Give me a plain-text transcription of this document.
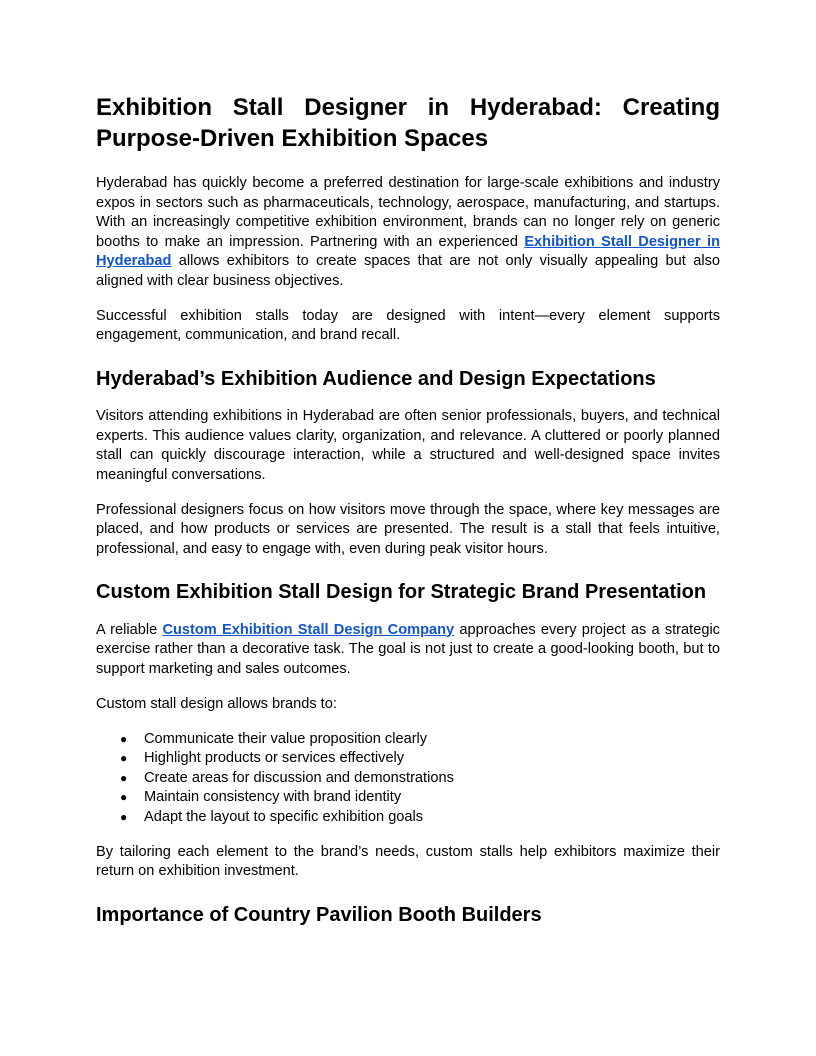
Exhibition Stall Designer in Hyderabad: Creating Purpose-Driven Exhibition Spaces

Hyderabad has quickly become a preferred destination for large-scale exhibitions and industry expos in sectors such as pharmaceuticals, technology, aerospace, manufacturing, and startups. With an increasingly competitive exhibition environment, brands can no longer rely on generic booths to make an impression. Partnering with an experienced Exhibition Stall Designer in Hyderabad allows exhibitors to create spaces that are not only visually appealing but also aligned with clear business objectives.

Successful exhibition stalls today are designed with intent—every element supports engagement, communication, and brand recall.

Hyderabad’s Exhibition Audience and Design Expectations

Visitors attending exhibitions in Hyderabad are often senior professionals, buyers, and technical experts. This audience values clarity, organization, and relevance. A cluttered or poorly planned stall can quickly discourage interaction, while a structured and well-designed space invites meaningful conversations.

Professional designers focus on how visitors move through the space, where key messages are placed, and how products or services are presented. The result is a stall that feels intuitive, professional, and easy to engage with, even during peak visitor hours.

Custom Exhibition Stall Design for Strategic Brand Presentation

A reliable Custom Exhibition Stall Design Company approaches every project as a strategic exercise rather than a decorative task. The goal is not just to create a good-looking booth, but to support marketing and sales outcomes.

Custom stall design allows brands to:

● Communicate their value proposition clearly
● Highlight products or services effectively
● Create areas for discussion and demonstrations
● Maintain consistency with brand identity
● Adapt the layout to specific exhibition goals

By tailoring each element to the brand’s needs, custom stalls help exhibitors maximize their return on exhibition investment.

Importance of Country Pavilion Booth Builders
